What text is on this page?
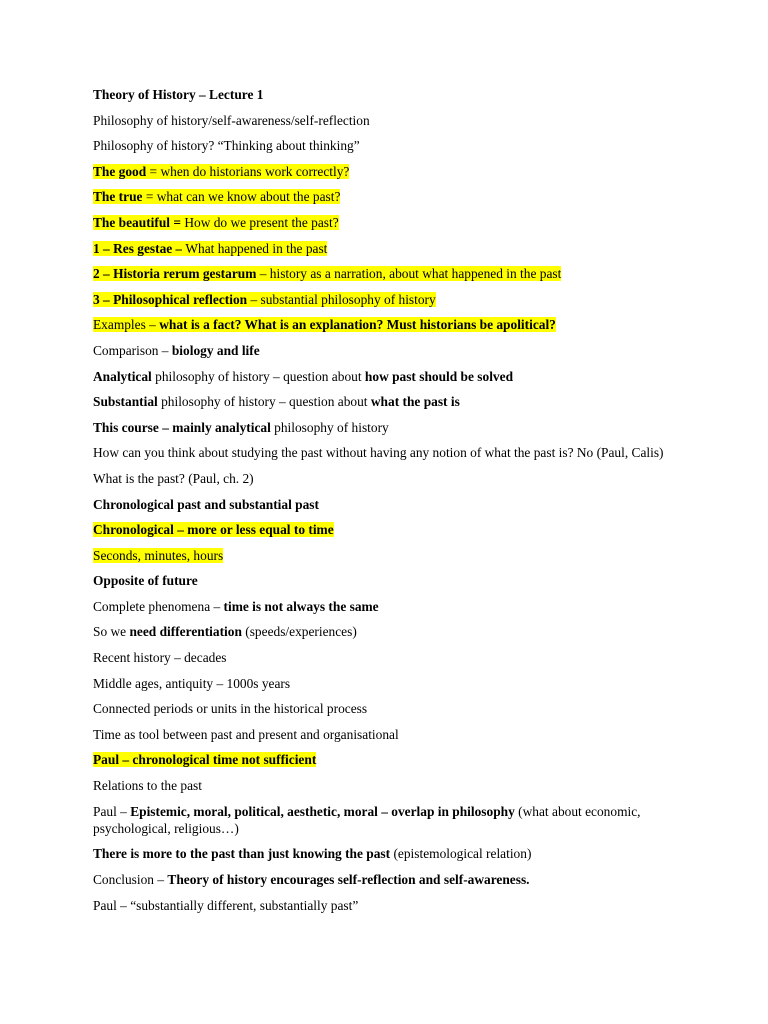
Theory of History – Lecture 1

Philosophy of history/self-awareness/self-reflection

Philosophy of history? “Thinking about thinking”

The good = when do historians work correctly?

The true = what can we know about the past?

The beautiful = How do we present the past?

1 – Res gestae – What happened in the past

2 – Historia rerum gestarum – history as a narration, about what happened in the past

3 – Philosophical reflection – substantial philosophy of history

Examples – what is a fact? What is an explanation? Must historians be apolitical?

Comparison – biology and life

Analytical philosophy of history – question about how past should be solved

Substantial philosophy of history – question about what the past is

This course – mainly analytical philosophy of history

How can you think about studying the past without having any notion of what the past is? No (Paul, Calis)

What is the past? (Paul, ch. 2)

Chronological past and substantial past

Chronological – more or less equal to time

Seconds, minutes, hours

Opposite of future

Complete phenomena – time is not always the same

So we need differentiation (speeds/experiences)

Recent history – decades

Middle ages, antiquity – 1000s years

Connected periods or units in the historical process

Time as tool between past and present and organisational

Paul – chronological time not sufficient

Relations to the past

Paul – Epistemic, moral, political, aesthetic, moral – overlap in philosophy (what about economic, psychological, religious…)

There is more to the past than just knowing the past (epistemological relation)

Conclusion – Theory of history encourages self-reflection and self-awareness.

Paul – “substantially different, substantially past”
